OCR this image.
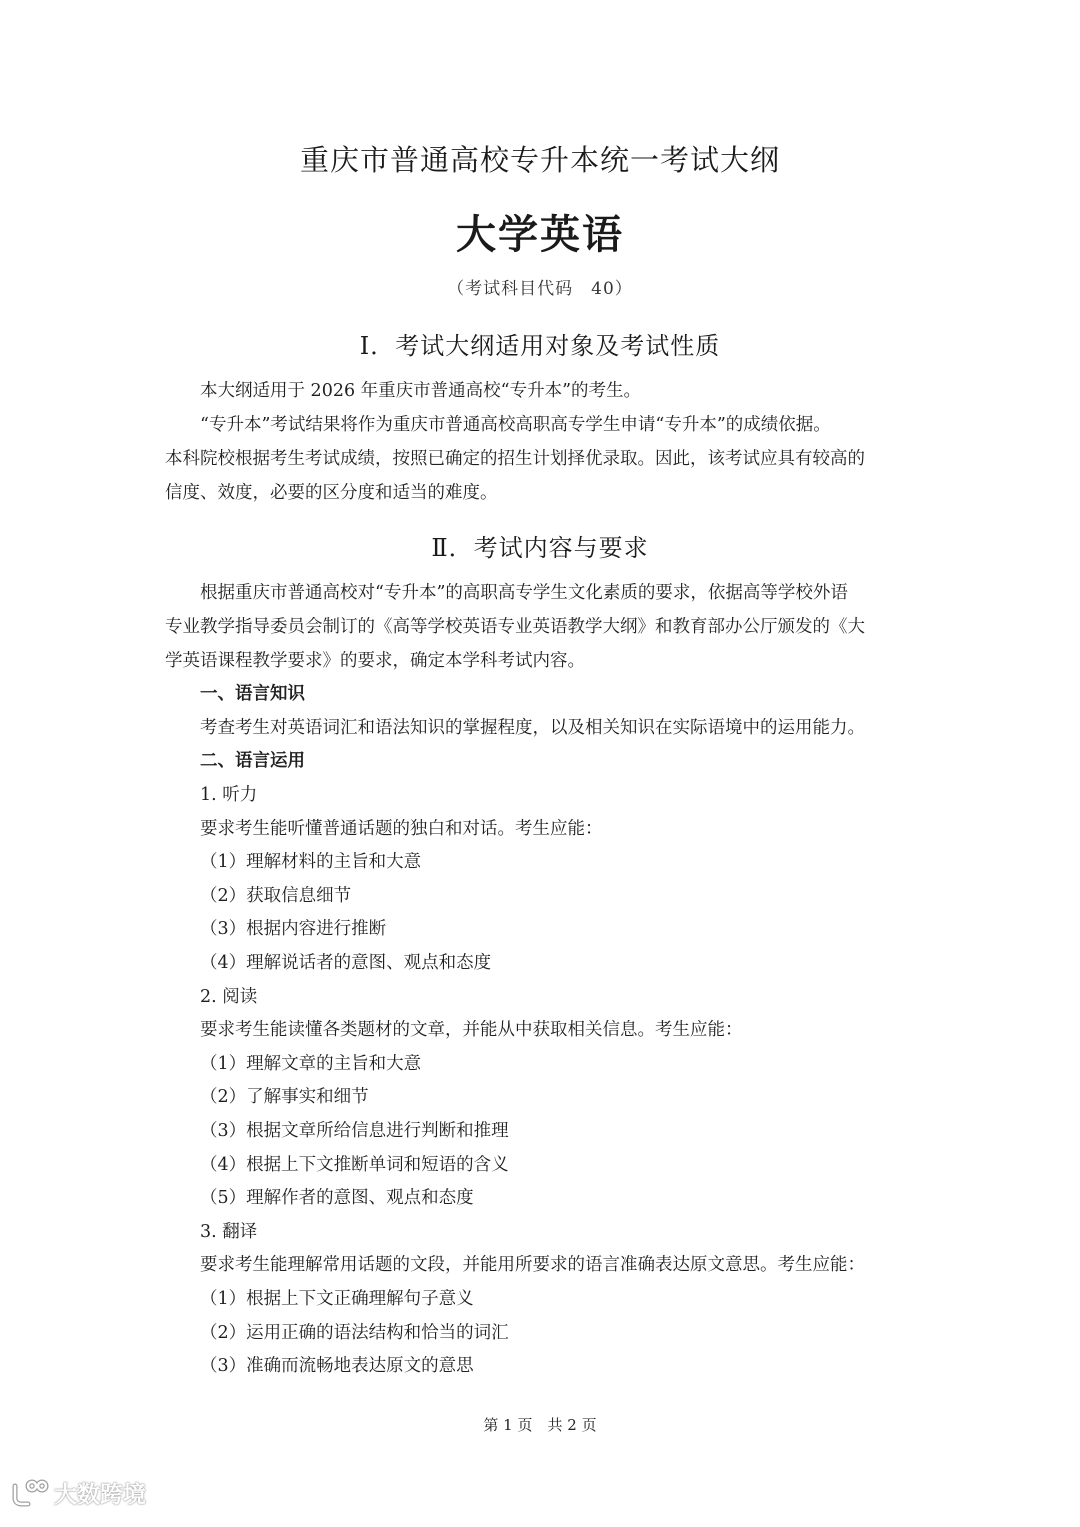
重庆市普通高校专升本统一考试大纲
大学英语
（考试科目代码　40）
Ⅰ．考试大纲适用对象及考试性质
本大纲适用于 2026 年重庆市普通高校“专升本”的考生。
“专升本”考试结果将作为重庆市普通高校高职高专学生申请“专升本”的成绩依据。
本科院校根据考生考试成绩，按照已确定的招生计划择优录取。因此，该考试应具有较高的
信度、效度，必要的区分度和适当的难度。
Ⅱ．考试内容与要求
根据重庆市普通高校对“专升本”的高职高专学生文化素质的要求，依据高等学校外语
专业教学指导委员会制订的《高等学校英语专业英语教学大纲》和教育部办公厅颁发的《大
学英语课程教学要求》的要求，确定本学科考试内容。
一、语言知识
考查考生对英语词汇和语法知识的掌握程度，以及相关知识在实际语境中的运用能力。
二、语言运用
1. 听力
要求考生能听懂普通话题的独白和对话。考生应能：
（1）理解材料的主旨和大意
（2）获取信息细节
（3）根据内容进行推断
（4）理解说话者的意图、观点和态度
2. 阅读
要求考生能读懂各类题材的文章，并能从中获取相关信息。考生应能：
（1）理解文章的主旨和大意
（2）了解事实和细节
（3）根据文章所给信息进行判断和推理
（4）根据上下文推断单词和短语的含义
（5）理解作者的意图、观点和态度
3. 翻译
要求考生能理解常用话题的文段，并能用所要求的语言准确表达原文意思。考生应能：
（1）根据上下文正确理解句子意义
（2）运用正确的语法结构和恰当的词汇
（3）准确而流畅地表达原文的意思
第 1 页　共 2 页
大数跨境
